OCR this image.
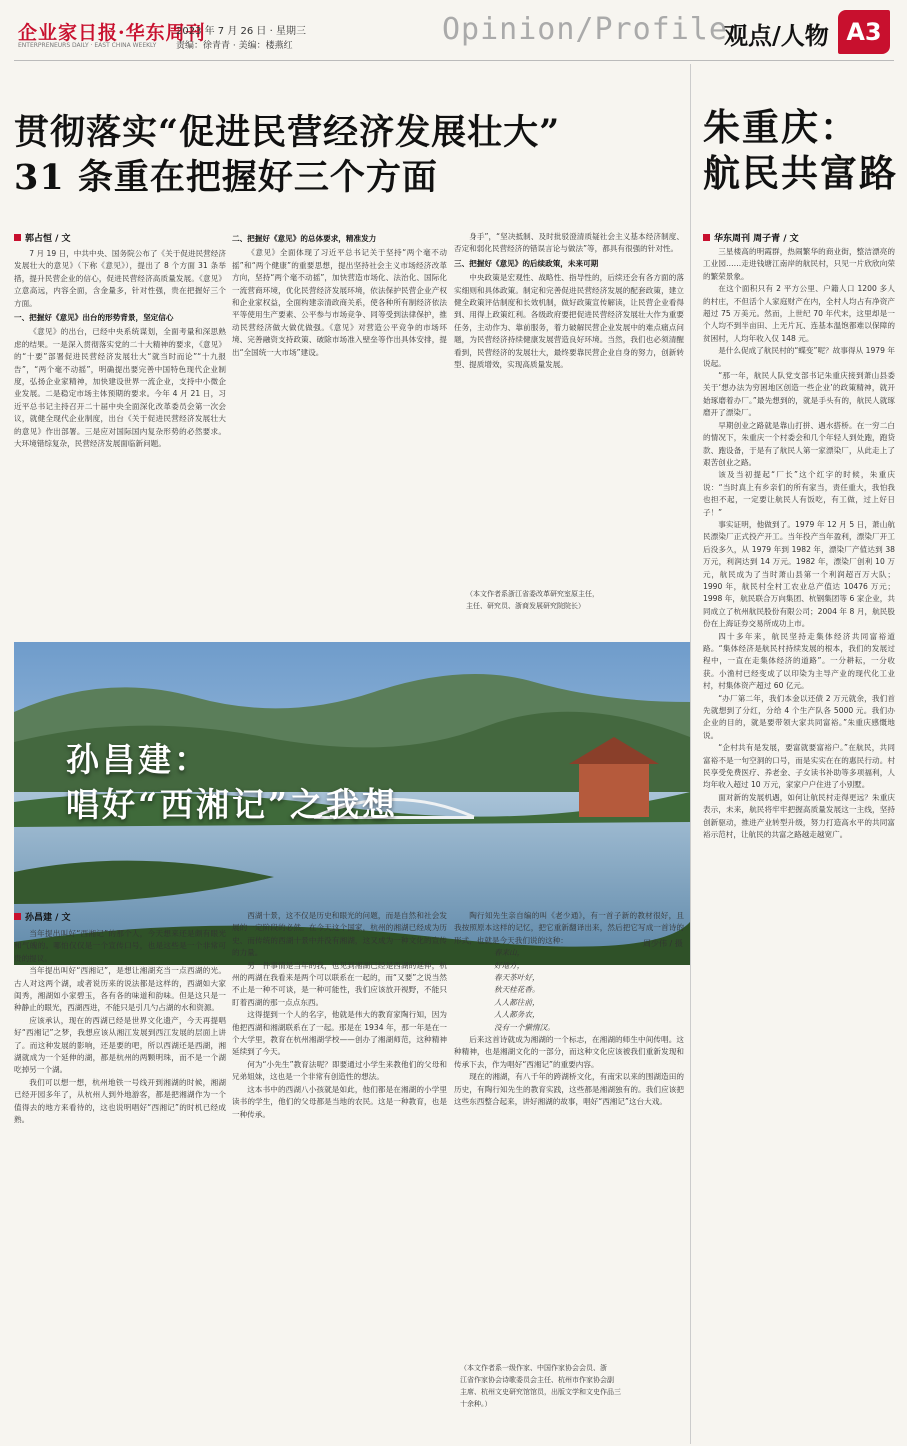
企业家日报·华东周刊
ENTERPRENEURS DAILY · EAST CHINA WEEKLY
2023 年 7 月 26 日 · 星期三
责编：徐青青 · 美编：楼燕红	Opinion/Profile
观点/人物 A3
贯彻落实“促进民营经济发展壮大”
31 条重在把握好三个方面
郭占恒 / 文

7 月 19 日，中共中央、国务院公布了《关于促进民营经济发展壮大的意见》（下称《意见》），提出了 8 个方面 31 条举措，提升民营企业的信心，促进民营经济高质量发展。《意见》立意高远，内容全面，含金量多，针对性强，贵在把握好三个方面。

一、把握好《意见》出台的形势背景，坚定信心

《意见》的出台，已经中央系统谋划，全面考量和深思熟虑的结果。一是深入贯彻落实党的二十大精神的要求，《意见》的“十要”部署促进民营经济发展壮大“就当时而论”“十九报告”，“两个毫不动摇”，明确提出要完善中国特色现代企业制度，弘扬企业家精神，加快建设世界一流企业，支持中小微企业发展。二是稳定市场主体预期的要求。今年 4 月 21 日，习近平总书记主持召开二十届中央全面深化改革委员会第一次会议，就健全现代企业制度，出台《关于促进民营经济发展壮大的意见》作出部署。三是应对国际国内复杂形势的必然要求。大环境错综复杂，民营经济发展面临新问题。

二、把握好《意见》的总体要求，精准发力

《意见》全面体现了习近平总书记关于坚持“两个毫不动摇”和“两个健康”的重要思想，提出坚持社会主义市场经济改革方向，坚持“两个毫不动摇”，加快营造市场化、法治化、国际化一流营商环境，优化民营经济发展环境，依法保护民营企业产权和企业家权益，全面构建亲清政商关系，使各种所有制经济依法平等使用生产要素、公平参与市场竞争、同等受到法律保护，推动民营经济做大做优做强。《意见》对营造公平竞争的市场环境、完善融资支持政策、破除市场准入壁垒等作出具体安排，提出“全国统一大市场”建设。

身手”，“坚决抵制、及时批驳澄清质疑社会主义基本经济制度、否定和弱化民营经济的错误言论与做法”等，都具有很强的针对性。

三、把握好《意见》的后续政策，未来可期

中央政策是宏观性、战略性、指导性的，后续还会有各方面的落实细则和具体政策。制定和完善促进民营经济发展的配套政策，建立健全政策评估制度和长效机制，做好政策宣传解读，让民营企业看得到、用得上政策红利。各级政府要把促进民营经济发展壮大作为重要任务，主动作为、靠前服务，着力破解民营企业发展中的难点痛点问题，为民营经济持续健康发展营造良好环境。当然，我们也必须清醒看到，民营经济的发展壮大，最终要靠民营企业自身的努力，创新转型、提质增效，实现高质量发展。

（本文作者系浙江省委改革研究室原主任，
主任、研究员、浙商发展研究院院长）
孙昌建：
唱好“西湘记”之我想
周少伟 / 摄
孙昌建 / 文

当年提出叫好“西湘记”的那个人，今天想来还是颇有眼光和气魄的。哪怕仅仅是一个宣传口号，也是这些是一个非常可贵的提议。

当年提出叫好“西湘记”，是想让湘湖充当一点西湖的光。古人对这两个湖，或者说历来的说法都是这样的，西湖如大家闺秀，湘湖如小家碧玉，各有各的味道和韵味。但是这只是一种静止的眼光，西湖西进，不能只是引几勺占湖的水和资源。

应该承认，现在的西湖已经是世界文化遗产，今天再提唱好“西湘记”之梦，我想应该从湘江发展到西江发展的层面上讲了。而这种发展的影响，还是要的吧，所以西湖还是西湖，湘湖就成为一个延伸的湖，都是杭州的两颗明珠，而不是一个湖吃掉另一个湖。

我们可以想一想，杭州地铁一号线开到湘湖的时候，湘湖已经开园多年了，从杭州人到外地游客，都是把湘湖作为一个值得去的地方来看待的，这也说明唱好“西湘记”的时机已经成熟。

西湖十景，这不仅是历史和眼光的问题，而是自然和社会发展的一定阶段的必然。在今天这个国家，杭州的湘湖已经成为历史、而传统的西湖十景中并没有湘湖，这又成为一种文化的宣传的力量。

另一件事情是当年的我，也见到湘湖已经是西湖的延伸，杭州的两湖在我看来是两个可以联系在一起的，而“又要”之说当然不止是一种不可谈，是一种可能性，我们应该放开视野，不能只盯着西湖的那一点点东西。

这得提到一个人的名字，他就是伟大的教育家陶行知，因为他把西湖和湘湖联系在了一起。那是在 1934 年，那一年是在一个大学里，教育在杭州湘湖学校——创办了湘湖师范，这种精神延续到了今天。

何为“小先生”教育法呢？即要通过小学生来教他们的父母和兄弟姐妹，这也是一个非常有创造性的想法。

这本书中的西湖八小孩就是如此，他们都是在湘湖的小学里读书的学生，他们的父母都是当地的农民。这是一种教育，也是一种传承。

陶行知先生亲自编的叫《老少通》，有一首子新的教材很好，且我按照原本这样的记忆，把它重新翻译出来，然后把它写成一首诗的形式，也就是今天我们说的这种：

春来山，

好地方，

春天茶叶好，

秋天桂花香。

人人都往前，

人人都务农，

没有一个懒惰汉。

后来这首诗就成为湘湖的一个标志，在湘湖的师生中间传唱。这种精神，也是湘湖文化的一部分，而这种文化应该被我们重新发现和传承下去，作为唱好“西湘记”的重要内容。

现在的湘湖，有八千年的跨湖桥文化，有南宋以来的围湖造田的历史，有陶行知先生的教育实践，这些都是湘湖独有的。我们应该把这些东西整合起来，讲好湘湖的故事，唱好“西湘记”这台大戏。

（本文作者系一级作家、中国作家协会会员、浙
江省作家协会诗歌委员会主任、杭州市作家协会副
主席、杭州文史研究馆馆员，出版文学和文史作品三
十余种。）
朱重庆：
航民共富路
华东周刊 周子青 / 文

三星楼高的明霞群，热闹繁华的商业街，整洁漂亮的工业园……走进钱塘江南岸的航民村，只见一片欣欣向荣的繁荣景象。

在这个面积只有 2 平方公里、户籍人口 1200 多人的村庄，不但活个人家庭财产在内，全村人均占有净资产超过 75 万美元。然而，上世纪 70 年代末，这里却是一个人均不到半亩田、上无片瓦、连基本温饱都难以保障的贫困村，人均年收入仅 148 元。

是什么促成了航民村的“蝶变”呢？故事得从 1979 年说起。

“那一年，航民人队党支部书记朱重庆接到萧山县委关于‘想办法为穷困地区创造一些企业’的政策精神，就开始琢磨着办厂。”最先想到的，就是手头有的，航民人就琢磨开了漂染厂。

早期创业之路就是靠山打拼、遇水搭桥。在一穷二白的情况下，朱重庆一个村委会和几个年轻人到处跑，跑贷款、跑设备，于是有了航民人第一家漂染厂，从此走上了艰苦创业之路。

该及当初提起“厂长”这个红字的时候，朱重庆说：“当时真上有乡亲们的所有家当，责任重大，我怕我也担不起，一定要让航民人有饭吃，有工做，过上好日子！”

事实证明，他做到了。1979 年 12 月 5 日，萧山航民漂染厂正式投产开工。当年投产当年盈利，漂染厂开工后没多久，从 1979 年到 1982 年，漂染厂产值达到 38 万元，利润达到 14 万元。1982 年，漂染厂创利 10 万元，航民成为了当时萧山县第一个利润超百万大队；1990 年，航民村全村工农业总产值达 10476 万元；1998 年，航民联合万向集团、杭钢集团等 6 家企业，共同成立了杭州航民股份有限公司；2004 年 8 月，航民股份在上海证券交易所成功上市。

四十多年来，航民坚持走集体经济共同富裕道路。“集体经济是航民村持续发展的根本，我们的发展过程中，一直在走集体经济的道路”。一分耕耘，一分收获。小渔村已经变成了以印染为主导产业的现代化工业村，村集体资产超过 60 亿元。

“办厂第二年，我们本金以还债 2 万元就余，我们首先就想到了分红，分给 4 个生产队各 5000 元。我们办企业的目的，就是要带领大家共同富裕。”朱重庆感慨地说。

“企村共有是发展，要富就要富裕户。”在航民，共同富裕不是一句空洞的口号，而是实实在在的惠民行动。村民享受免费医疗、养老金、子女读书补助等多项福利，人均年收入超过 10 万元，家家户户住进了小别墅。

面对新的发展机遇，如何让航民村走得更远？朱重庆表示，未来，航民将牢牢把握高质量发展这一主线，坚持创新驱动，推进产业转型升级，努力打造高水平的共同富裕示范村，让航民的共富之路越走越宽广。
